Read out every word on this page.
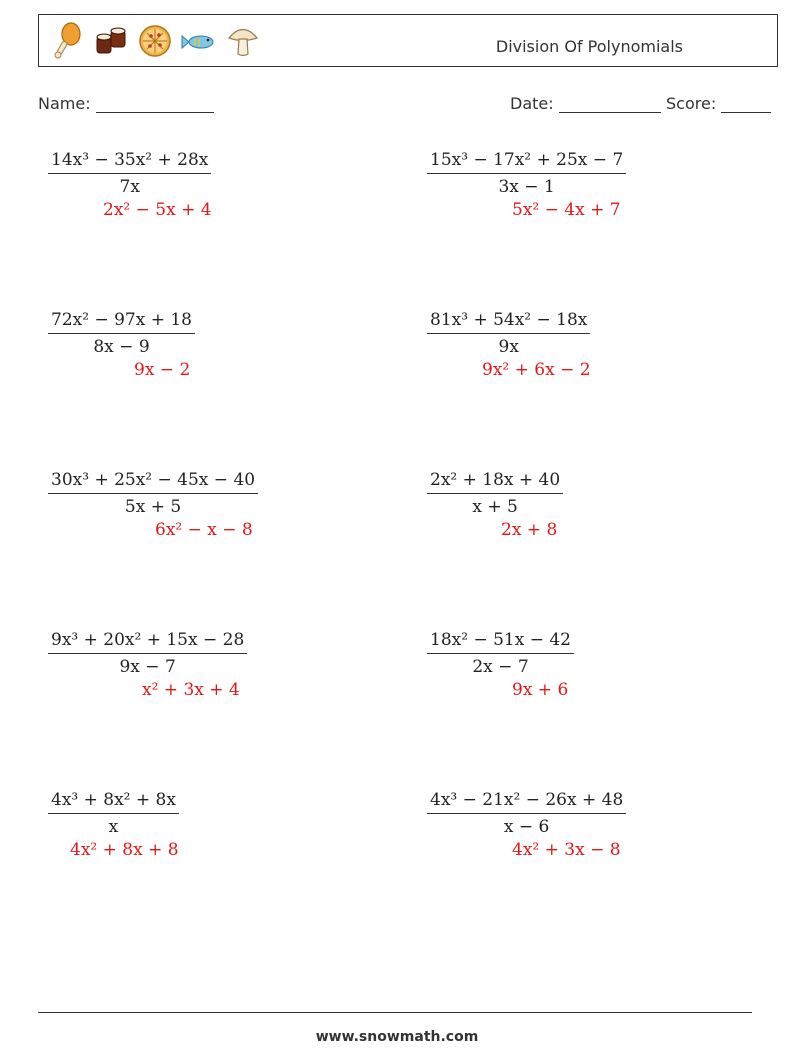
Division Of Polynomials
Name:	Date:	Score:
$\frac{\text{14x³ − 35x² + 28x}}{7x}$
2x² − 5x + 4
$\frac{\text{15x³ − 17x² + 25x − 7}}{3x - 1}$
5x² − 4x + 7
$\frac{\text{72x² − 97x + 18}}{8x - 9}$
9x − 2
$\frac{\text{81x³ + 54x² − 18x}}{9x}$
9x² + 6x − 2
$\frac{\text{30x³ + 25x² − 45x − 40}}{5x + 5}$
6x² − x − 8
$\frac{\text{2x² + 18x + 40}}{x + 5}$
2x + 8
$\frac{\text{9x³ + 20x² + 15x − 28}}{9x - 7}$
x² + 3x + 4
$\frac{\text{18x² − 51x − 42}}{2x - 7}$
9x + 6
$\frac{\text{4x³ + 8x² + 8x}}{x}$
4x² + 8x + 8
$\frac{\text{4x³ − 21x² − 26x + 48}}{x - 6}$
4x² + 3x − 8
www.snowmath.com
